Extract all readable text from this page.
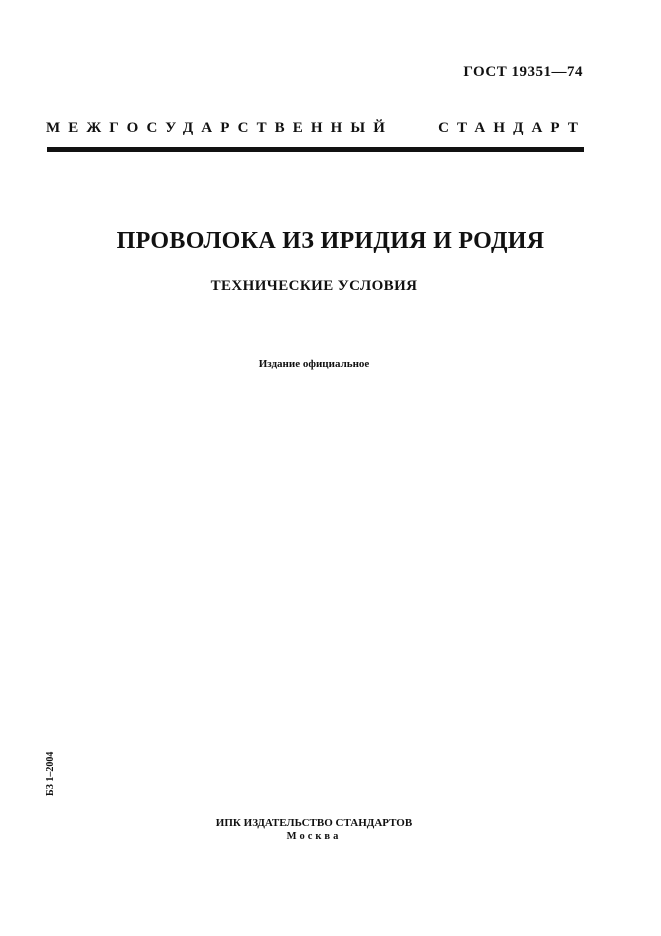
ГОСТ 19351—74
МЕЖГОСУДАРСТВЕННЫЙ	СТАНДАРТ
ПРОВОЛОКА ИЗ ИРИДИЯ И РОДИЯ
ТЕХНИЧЕСКИЕ УСЛОВИЯ
Издание официальное
БЗ 1–2004
ИПК ИЗДАТЕЛЬСТВО СТАНДАРТОВ
Москва
